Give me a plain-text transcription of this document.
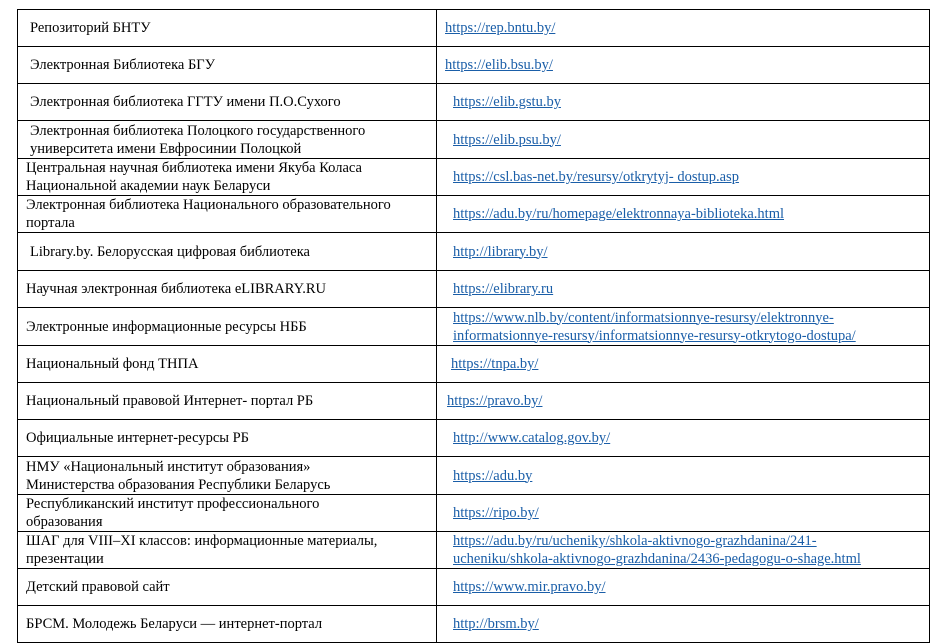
Репозиторий БНТУ	https://rep.bntu.by/

Электронная Библиотека БГУ	https://elib.bsu.by/

Электронная библиотека ГГТУ имени П.О.Сухого	https://elib.gstu.by

Электронная библиотека Полоцкого государственного
университета имени Евфросинии Полоцкой	https://elib.psu.by/

Центральная научная библиотека имени Якуба Коласа
Национальной академии наук Беларуси	https://csl.bas-net.by/resursy/otkrytyj- dostup.asp

Электронная библиотека Национального образовательного
портала	https://adu.by/ru/homepage/elektronnaya-biblioteka.html

Library.by. Белорусская цифровая библиотека	http://library.by/

Научная электронная библиотека eLIBRARY.RU	https://elibrary.ru

Электронные информационные ресурсы НББ	https://www.nlb.by/content/informatsionnye-resursy/elektronnye-
informatsionnye-resursy/informatsionnye-resursy-otkrytogo-dostupa/

Национальный фонд ТНПА	https://tnpa.by/

Национальный правовой Интернет- портал РБ	https://pravo.by/

Официальные интернет-ресурсы РБ	http://www.catalog.gov.by/

НМУ «Национальный институт образования»
Министерства образования Республики Беларусь	https://adu.by

Республиканский институт профессионального
образования	https://ripo.by/

ШАГ для VIII–XI классов: информационные материалы,
презентации	https://adu.by/ru/ucheniky/shkola-aktivnogo-grazhdanina/241-
ucheniku/shkola-aktivnogo-grazhdanina/2436-pedagogu-o-shage.html

Детский правовой сайт	https://www.mir.pravo.by/

БРСМ. Молодежь Беларуси — интернет-портал	http://brsm.by/
